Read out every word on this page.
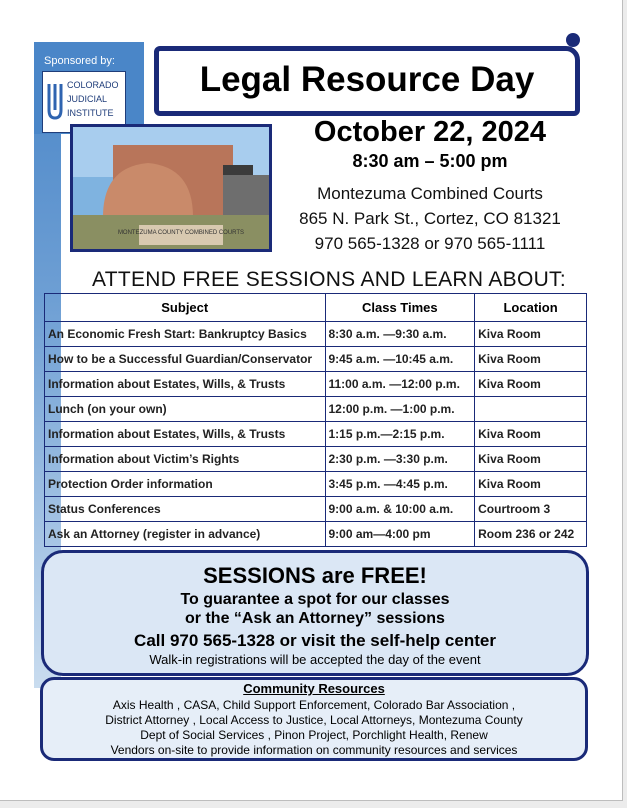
Sponsored by:
COLORADO
JUDICIAL
INSTITUTE
Legal Resource Day
MONTEZUMA COUNTY COMBINED COURTS
October 22, 2024
8:30 am – 5:00 pm
Montezuma Combined Courts
865 N. Park St., Cortez, CO 81321
970 565-1328 or 970 565-1111
ATTEND FREE SESSIONS AND LEARN ABOUT:
Subject	Class Times	Location
An Economic Fresh Start: Bankruptcy Basics	8:30 a.m. —9:30 a.m.	Kiva Room
How to be a Successful Guardian/Conservator	9:45 a.m. —10:45 a.m.	Kiva Room
Information about Estates, Wills, & Trusts	11:00 a.m. —12:00 p.m.	Kiva Room
Lunch (on your own)	12:00 p.m. —1:00 p.m.	
Information about Estates, Wills, & Trusts	1:15 p.m.—2:15 p.m.	Kiva Room
Information about Victim’s Rights	2:30 p.m. —3:30 p.m.	Kiva Room
Protection Order information	3:45 p.m. —4:45 p.m.	Kiva Room
Status Conferences	9:00 a.m. & 10:00 a.m.	Courtroom 3
Ask an Attorney (register in advance)	9:00 am—4:00 pm	Room 236 or 242
SESSIONS are FREE!
To guarantee a spot for our classes
or the “Ask an Attorney” sessions
Call 970 565-1328 or visit the self-help center
Walk-in registrations will be accepted the day of the event
Community Resources
Axis Health , CASA, Child Support Enforcement, Colorado Bar Association ,
District Attorney , Local Access to Justice, Local Attorneys, Montezuma County
Dept of Social Services , Pinon Project, Porchlight Health, Renew
Vendors on-site to provide information on community resources and services
